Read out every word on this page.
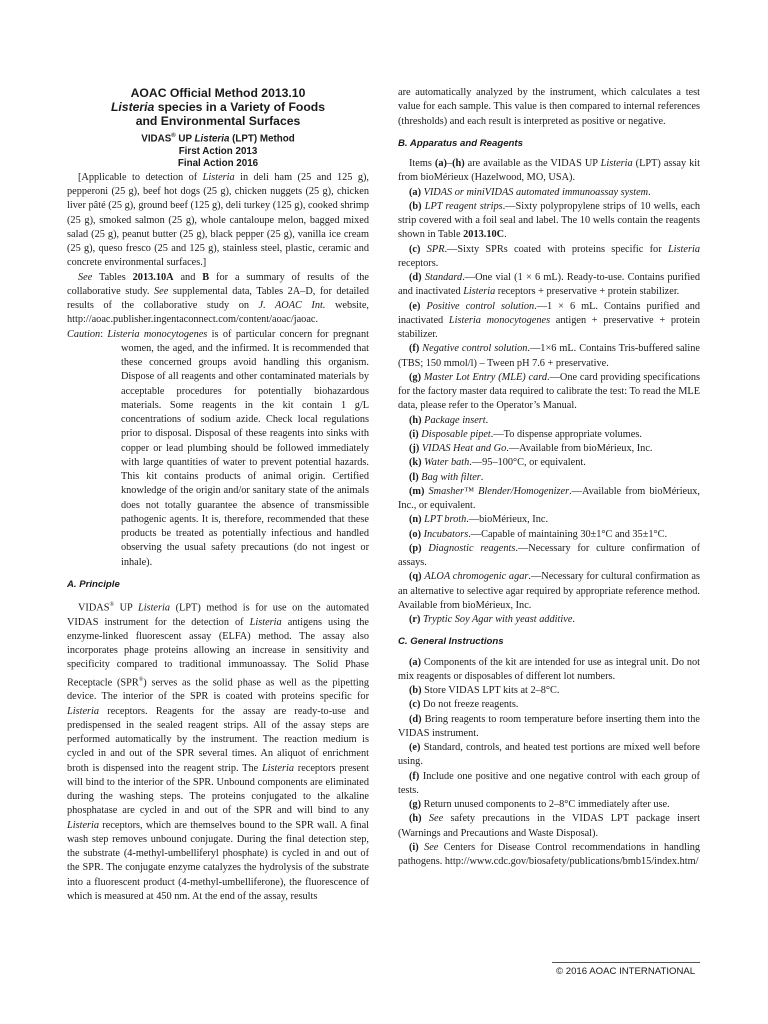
AOAC Official Method 2013.10
Listeria species in a Variety of Foods
and Environmental Surfaces
VIDAS® UP Listeria (LPT) Method
First Action 2013
Final Action 2016

[Applicable to detection of Listeria in deli ham (25 and 125 g), pepperoni (25 g), beef hot dogs (25 g), chicken nuggets (25 g), chicken liver pâté (25 g), ground beef (125 g), deli turkey (125 g), cooked shrimp (25 g), smoked salmon (25 g), whole cantaloupe melon, bagged mixed salad (25 g), peanut butter (25 g), black pepper (25 g), vanilla ice cream (25 g), queso fresco (25 and 125 g), stainless steel, plastic, ceramic and concrete environmental surfaces.]

See Tables 2013.10A and B for a summary of results of the collaborative study. See supplemental data, Tables 2A–D, for detailed results of the collaborative study on J. AOAC Int. website, http://aoac.publisher.ingentaconnect.com/content/aoac/jaoac.

Caution: Listeria monocytogenes is of particular concern for pregnant women, the aged, and the infirmed. It is recommended that these concerned groups avoid handling this organism. Dispose of all reagents and other contaminated materials by acceptable procedures for potentially biohazardous materials. Some reagents in the kit contain 1 g/L concentrations of sodium azide. Check local regulations prior to disposal. Disposal of these reagents into sinks with copper or lead plumbing should be followed immediately with large quantities of water to prevent potential hazards. This kit contains products of animal origin. Certified knowledge of the origin and/or sanitary state of the animals does not totally guarantee the absence of transmissible pathogenic agents. It is, therefore, recommended that these products be treated as potentially infectious and handled observing the usual safety precautions (do not ingest or inhale).

A. Principle

VIDAS® UP Listeria (LPT) method is for use on the automated VIDAS instrument for the detection of Listeria antigens using the enzyme-linked fluorescent assay (ELFA) method. The assay also incorporates phage proteins allowing an increase in sensitivity and specificity compared to traditional immunoassay. The Solid Phase Receptacle (SPR®) serves as the solid phase as well as the pipetting device. The interior of the SPR is coated with proteins specific for Listeria receptors. Reagents for the assay are ready-to-use and predispensed in the sealed reagent strips. All of the assay steps are performed automatically by the instrument. The reaction medium is cycled in and out of the SPR several times. An aliquot of enrichment broth is dispensed into the reagent strip. The Listeria receptors present will bind to the interior of the SPR. Unbound components are eliminated during the washing steps. The proteins conjugated to the alkaline phosphatase are cycled in and out of the SPR and will bind to any Listeria receptors, which are themselves bound to the SPR wall. A final wash step removes unbound conjugate. During the final detection step, the substrate (4-methyl-umbelliferyl phosphate) is cycled in and out of the SPR. The conjugate enzyme catalyzes the hydrolysis of the substrate into a fluorescent product (4-methyl-umbelliferone), the fluorescence of which is measured at 450 nm. At the end of the assay, results

are automatically analyzed by the instrument, which calculates a test value for each sample. This value is then compared to internal references (thresholds) and each result is interpreted as positive or negative.

B. Apparatus and Reagents

Items (a)–(h) are available as the VIDAS UP Listeria (LPT) assay kit from bioMérieux (Hazelwood, MO, USA).

(a) VIDAS or miniVIDAS automated immunoassay system.

(b) LPT reagent strips.—Sixty polypropylene strips of 10 wells, each strip covered with a foil seal and label. The 10 wells contain the reagents shown in Table 2013.10C.

(c) SPR.—Sixty SPRs coated with proteins specific for Listeria receptors.

(d) Standard.—One vial (1 × 6 mL). Ready-to-use. Contains purified and inactivated Listeria receptors + preservative + protein stabilizer.

(e) Positive control solution.—1 × 6 mL. Contains purified and inactivated Listeria monocytogenes antigen + preservative + protein stabilizer.

(f) Negative control solution.—1×6 mL. Contains Tris-buffered saline (TBS; 150 mmol/l) – Tween pH 7.6 + preservative.

(g) Master Lot Entry (MLE) card.—One card providing specifications for the factory master data required to calibrate the test: To read the MLE data, please refer to the Operator’s Manual.

(h) Package insert.

(i) Disposable pipet.—To dispense appropriate volumes.

(j) VIDAS Heat and Go.—Available from bioMérieux, Inc.

(k) Water bath.—95–100°C, or equivalent.

(l) Bag with filter.

(m) Smasher™ Blender/Homogenizer.—Available from bioMérieux, Inc., or equivalent.

(n) LPT broth.—bioMérieux, Inc.

(o) Incubators.—Capable of maintaining 30±1°C and 35±1°C.

(p) Diagnostic reagents.—Necessary for culture confirmation of assays.

(q) ALOA chromogenic agar.—Necessary for cultural confirmation as an alternative to selective agar required by appropriate reference method. Available from bioMérieux, Inc.

(r) Tryptic Soy Agar with yeast additive.

C. General Instructions

(a) Components of the kit are intended for use as integral unit. Do not mix reagents or disposables of different lot numbers.

(b) Store VIDAS LPT kits at 2–8°C.

(c) Do not freeze reagents.

(d) Bring reagents to room temperature before inserting them into the VIDAS instrument.

(e) Standard, controls, and heated test portions are mixed well before using.

(f) Include one positive and one negative control with each group of tests.

(g) Return unused components to 2–8°C immediately after use.

(h) See safety precautions in the VIDAS LPT package insert (Warnings and Precautions and Waste Disposal).

(i) See Centers for Disease Control recommendations in handling pathogens. http://www.cdc.gov/biosafety/publications/bmb15/index.htm/

© 2016 AOAC INTERNATIONAL
